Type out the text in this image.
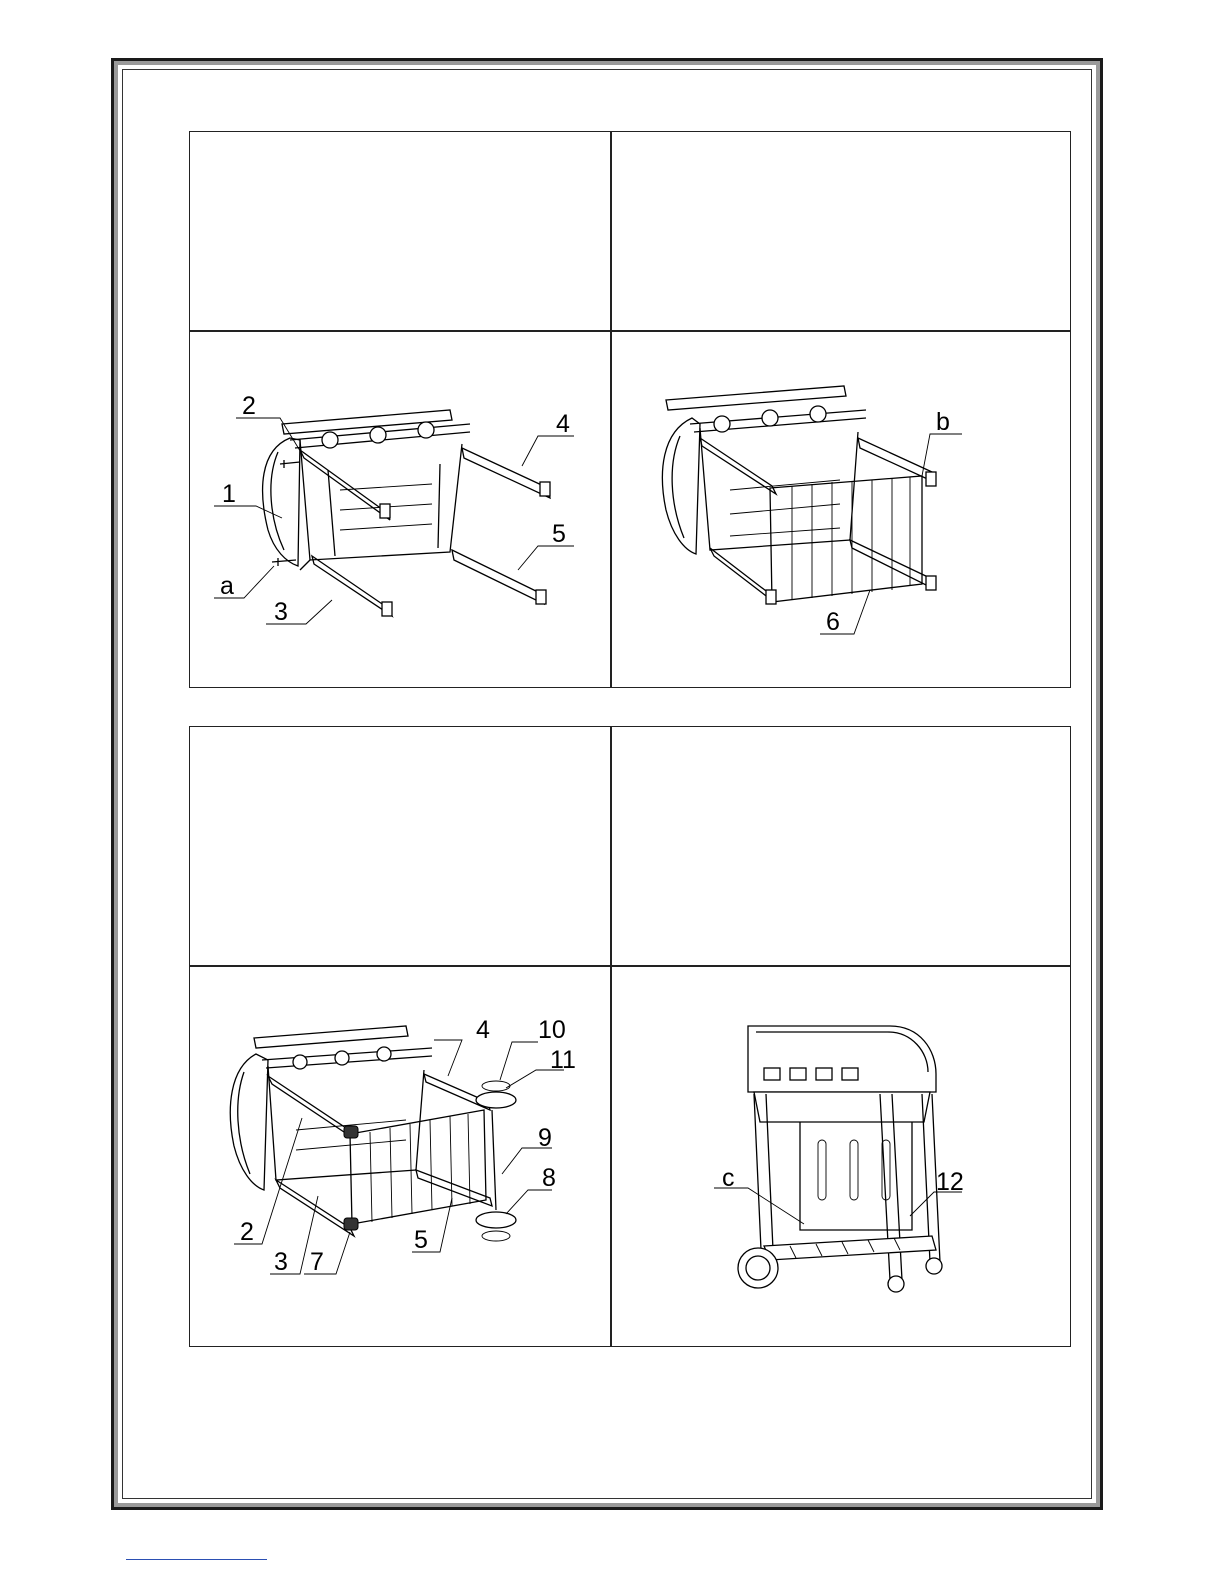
2
1
a
3
4
5
b
6
4 10
11
9
8
2
3 7
5
c	12
